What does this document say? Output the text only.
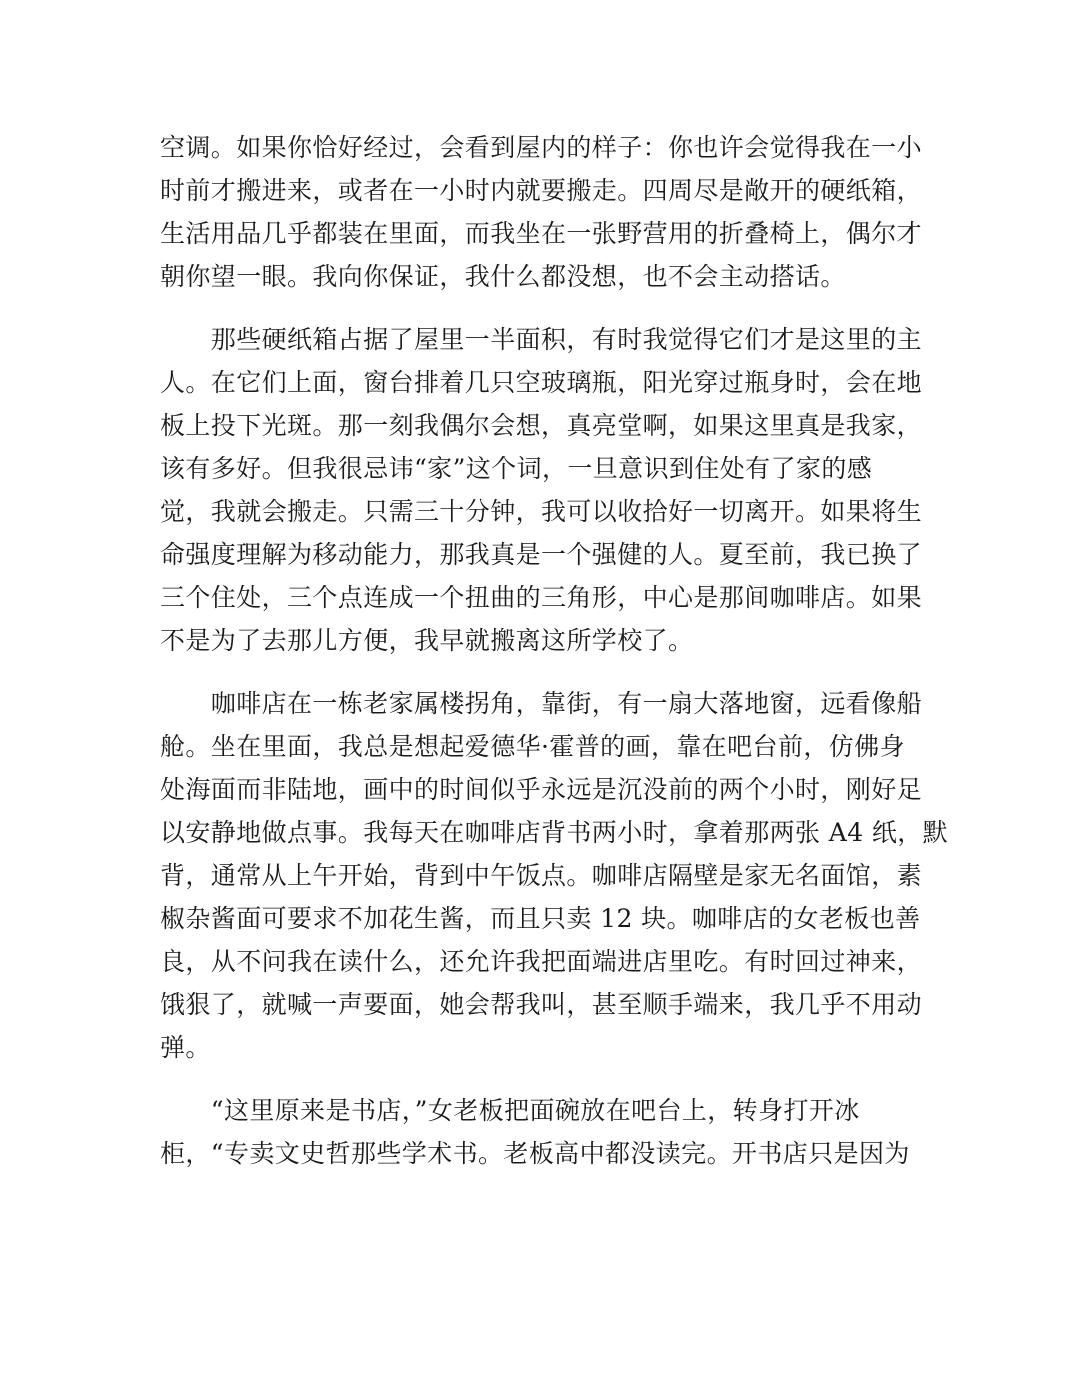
空调。如果你恰好经过，会看到屋内的样子：你也许会觉得我在一小
时前才搬进来，或者在一小时内就要搬走。四周尽是敞开的硬纸箱，
生活用品几乎都装在里面，而我坐在一张野营用的折叠椅上，偶尔才
朝你望一眼。我向你保证，我什么都没想，也不会主动搭话。
　　那些硬纸箱占据了屋里一半面积，有时我觉得它们才是这里的主
人。在它们上面，窗台排着几只空玻璃瓶，阳光穿过瓶身时，会在地
板上投下光斑。那一刻我偶尔会想，真亮堂啊，如果这里真是我家，
该有多好。但我很忌讳“家”这个词，一旦意识到住处有了家的感
觉，我就会搬走。只需三十分钟，我可以收拾好一切离开。如果将生
命强度理解为移动能力，那我真是一个强健的人。夏至前，我已换了
三个住处，三个点连成一个扭曲的三角形，中心是那间咖啡店。如果
不是为了去那儿方便，我早就搬离这所学校了。
　　咖啡店在一栋老家属楼拐角，靠街，有一扇大落地窗，远看像船
舱。坐在里面，我总是想起爱德华·霍普的画，靠在吧台前，仿佛身
处海面而非陆地，画中的时间似乎永远是沉没前的两个小时，刚好足
以安静地做点事。我每天在咖啡店背书两小时，拿着那两张 A4 纸，默
背，通常从上午开始，背到中午饭点。咖啡店隔壁是家无名面馆，素
椒杂酱面可要求不加花生酱，而且只卖 12 块。咖啡店的女老板也善
良，从不问我在读什么，还允许我把面端进店里吃。有时回过神来，
饿狠了，就喊一声要面，她会帮我叫，甚至顺手端来，我几乎不用动
弹。
　　“这里原来是书店，”女老板把面碗放在吧台上，转身打开冰
柜，“专卖文史哲那些学术书。老板高中都没读完。开书店只是因为
